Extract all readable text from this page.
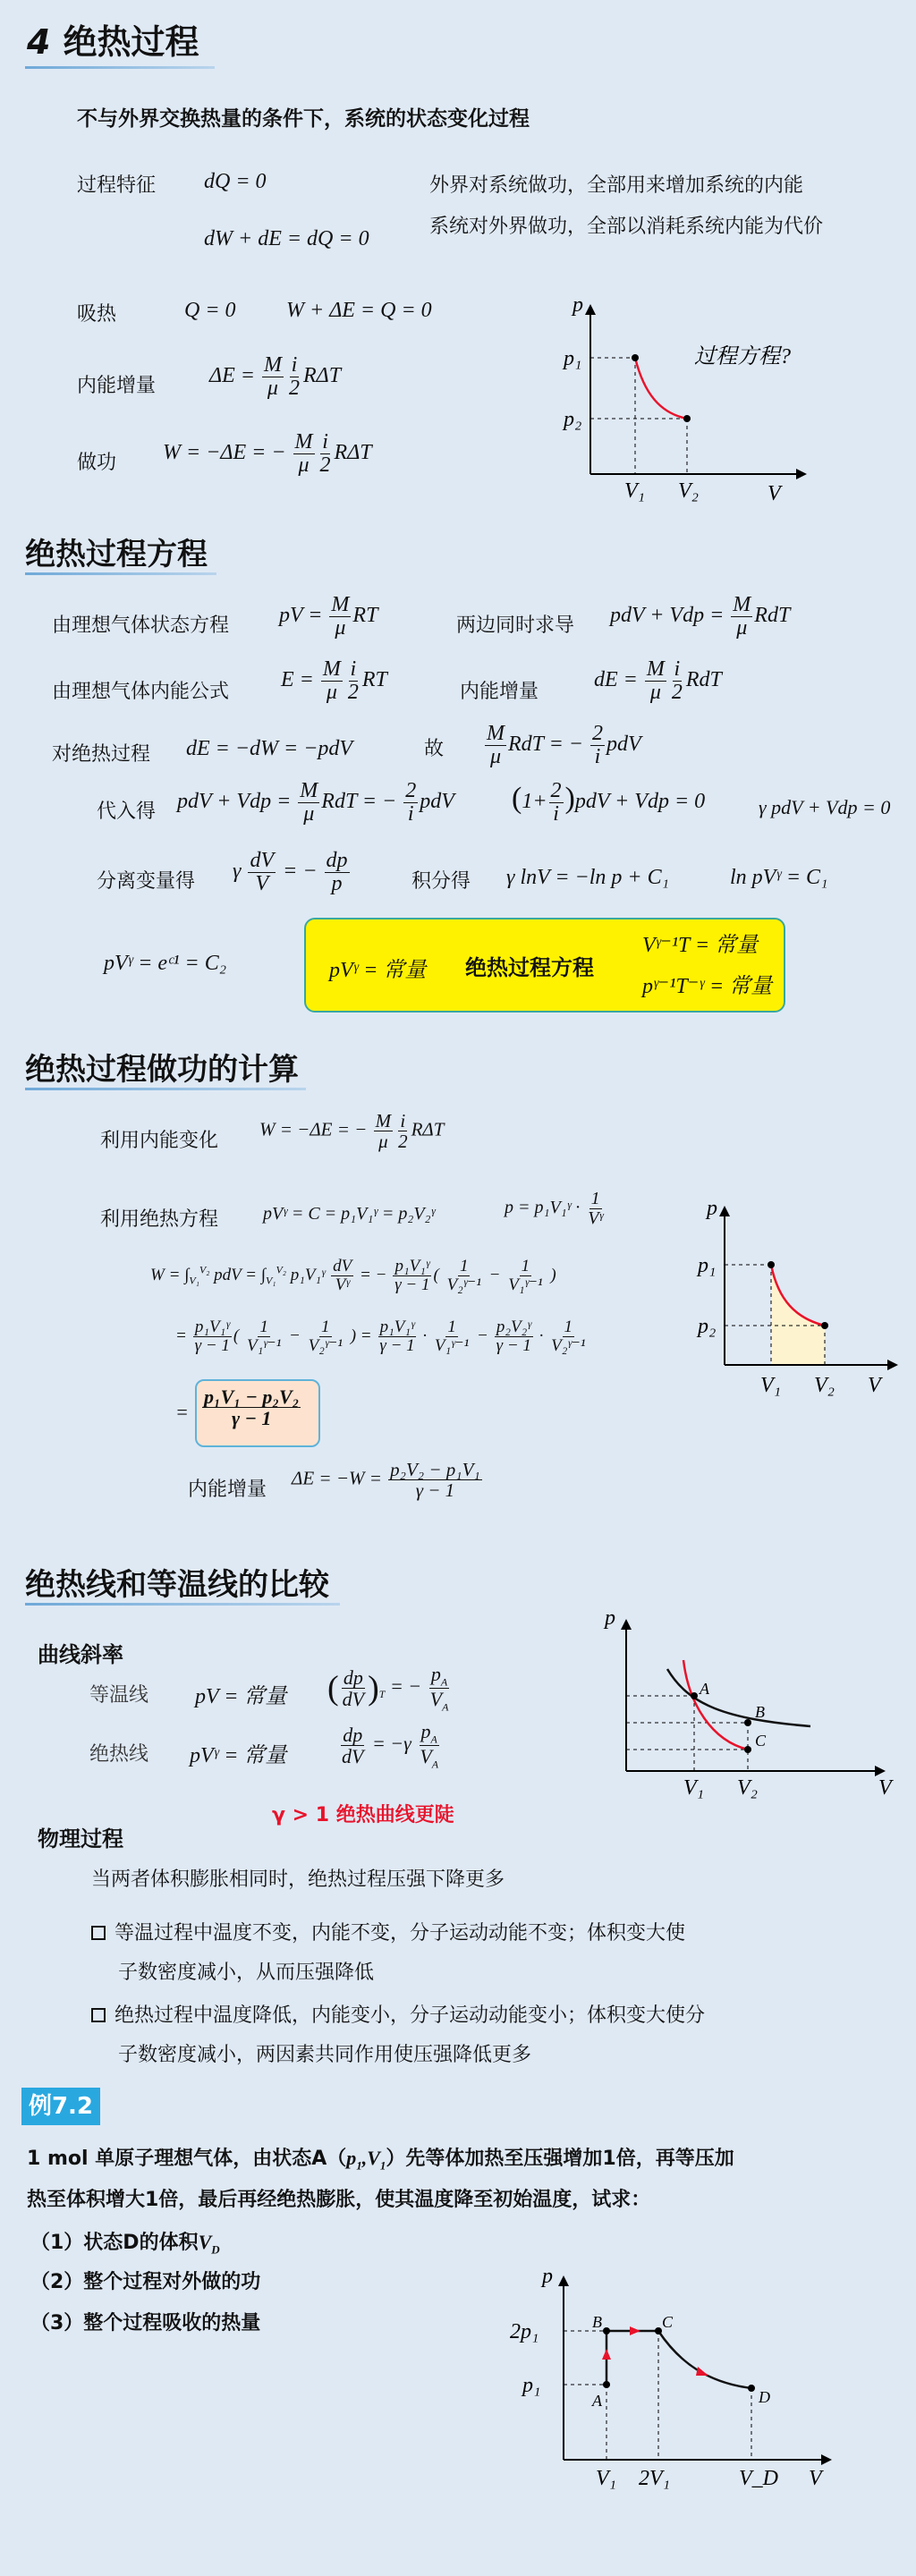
4 绝热过程
不与外界交换热量的条件下，系统的状态变化过程
过程特征 dQ = 0
dW + dE = dQ = 0
外界对系统做功，全部用来增加系统的内能
系统对外界做功，全部以消耗系统内能为代价
吸热	Q = 0 W + ΔE = Q = 0
内能增量 $\Delta E = \frac{M}{\mu} \frac{i}{2}$ RΔT
做功 W = −ΔE = − $\frac{M}{\mu} \frac{i}{2}$ RΔT
p
V
p₁
p₂
V₁ V₂
过程方程?
绝热过程方程
由理想气体状态方程 pV = $\frac{M}{\mu}$ RT	两边同时求导 pdV + Vdp = $\frac{M}{\mu}$ RdT
由理想气体内能公式
$E = \frac{M}{\mu} \frac{i}{2}$ RT
内能增量
dE = $\frac{M}{\mu} \frac{i}{2}$ RdT
对绝热过程 dE = −dW = −pdV	故 $\frac{M}{\mu}$ RdT = − $\frac{2}{i}$ pdV
代入得 pdV + Vdp = $\frac{M}{\mu}$ RdT = − $\frac{2}{i}$ pdV $(1+ \frac{2}{i} )pdV$ + Vdp = 0	γ pdV + Vdp = 0
分离变量得 γ $\frac{dV}{V}$ = − $\frac{dp}{p}$	积分得 γ lnV = −ln p + C₁	ln pVᵞ = C₁
pVᵞ = eᶜ¹ = C₂	pVᵞ = 常量 绝热过程方程
Vᵞ⁻¹T = 常量
pᵞ⁻¹T⁻ᵞ = 常量
绝热过程做功的计算
利用内能变化
W = −ΔE = − $\frac{M}{\mu} \frac{i}{2}$ RΔT
利用绝热方程 pVᵞ = C = p₁V₁ᵞ = p₂V₂ᵞ	p = p₁V₁ᵞ · $\frac{1}{\text{Vᵞ}}$
$W = \int_{V_1}^{V_2}$ pdV = $\int_{V_1}^{V_2}$ p₁V₁ᵞ $\frac{dV}{\text{Vᵞ}}$ = − $\frac{\text{p₁V₁ᵞ}}{\gamma - 1}$ ( $\frac{1}{\text{V₂ᵞ⁻¹}} - \frac{1}{\text{V₁ᵞ⁻¹}}$ )
= $\frac{\text{p₁V₁ᵞ}}{\gamma - 1}$ ( $\frac{1}{\text{V₁ᵞ⁻¹}} - \frac{1}{\text{V₂ᵞ⁻¹}}$ ) = $\frac{\text{p₁V₁ᵞ}}{\gamma - 1} \cdot \frac{1}{\text{V₁ᵞ⁻¹}} - \frac{\text{p₂V₂ᵞ}}{\gamma - 1} \cdot \frac{1}{\text{V₂ᵞ⁻¹}}$
= $\frac{\text{p₁V₁ − p₂V₂}}{\gamma - 1}$
内能增量
$\Delta E = -W = \frac{\text{p₂V₂ − p₁V₁}}{\gamma - 1}$
p
V
p₁
p₂
V₁ V₂
绝热线和等温线的比较
曲线斜率
等温线 pV = 常量 ( $\frac{dp}{dV} )_T$ = − $\frac{p_A}{V_A}$
绝热线 pVᵞ = 常量	$\frac{dp}{dV} = -\gamma \frac{p_A}{V_A}$
γ > 1 绝热曲线更陡
物理过程
当两者体积膨胀相同时，绝热过程压强下降更多
等温过程中温度不变，内能不变，分子运动动能不变；体积变大使
子数密度减小，从而压强降低
绝热过程中温度降低，内能变小，分子运动动能变小；体积变大使分
子数密度减小，两因素共同作用使压强降低更多
p
V
V₁ V₂
A
B
C
例7.2
1 mol 单原子理想气体，由状态$A(p_1,V_1)$先等体加热至压强增加1倍，再等压加
热至体积增大1倍，最后再经绝热膨胀，使其温度降至初始温度，试求：
（1）状态D的体积$V_D$
（2）整个过程对外做的功
（3）整个过程吸收的热量
p
V
2p₁
p₁
V₁ 2V₁	V_D
B	C
A	D
